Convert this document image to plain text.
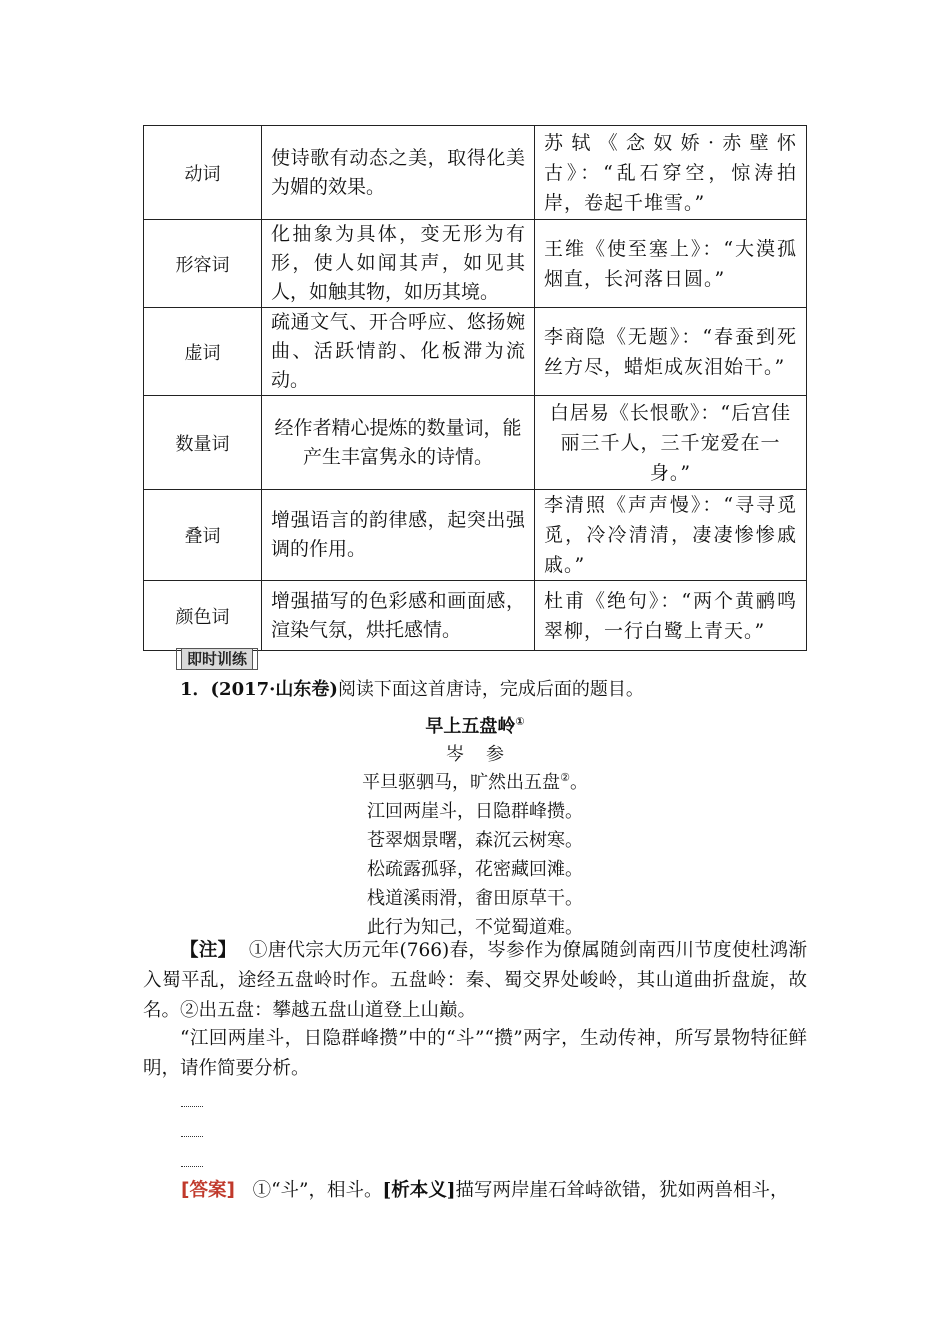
动词	使诗歌有动态之美，取得化美为媚的效果。	苏轼《念奴娇·赤壁怀古》：“乱石穿空，惊涛拍岸，卷起千堆雪。”
形容词	化抽象为具体，变无形为有形，使人如闻其声，如见其人，如触其物，如历其境。	王维《使至塞上》：“大漠孤烟直，长河落日圆。”
虚词	疏通文气、开合呼应、悠扬婉曲、活跃情韵、化板滞为流动。	李商隐《无题》：“春蚕到死丝方尽，蜡炬成灰泪始干。”
数量词	经作者精心提炼的数量词，能产生丰富隽永的诗情。	白居易《长恨歌》：“后宫佳丽三千人，三千宠爱在一身。”
叠词	增强语言的韵律感，起突出强调的作用。	李清照《声声慢》：“寻寻觅觅，冷冷清清，凄凄惨惨戚戚。”
颜色词	增强描写的色彩感和画面感，渲染气氛，烘托感情。	杜甫《绝句》：“两个黄鹂鸣翠柳，一行白鹭上青天。”
即时训练
1．(2017·山东卷)阅读下面这首唐诗，完成后面的题目。
早上五盘岭①
岑参
平旦驱驷马，旷然出五盘②。
江回两崖斗，日隐群峰攒。
苍翠烟景曙，森沉云树寒。
松疏露孤驿，花密藏回滩。
栈道溪雨滑，畬田原草干。
此行为知己，不觉蜀道难。
【注】 ①唐代宗大历元年(766)春，岑参作为僚属随剑南西川节度使杜鸿渐入蜀平乱，途经五盘岭时作。五盘岭：秦、蜀交界处峻岭，其山道曲折盘旋，故名。②出五盘：攀越五盘山道登上山巅。
“江回两崖斗，日隐群峰攒”中的“斗”“攒”两字，生动传神，所写景物特征鲜明，请作简要分析。
[答案] ①“斗”，相斗。[析本义]描写两岸崖石耸峙欲错，犹如两兽相斗，
